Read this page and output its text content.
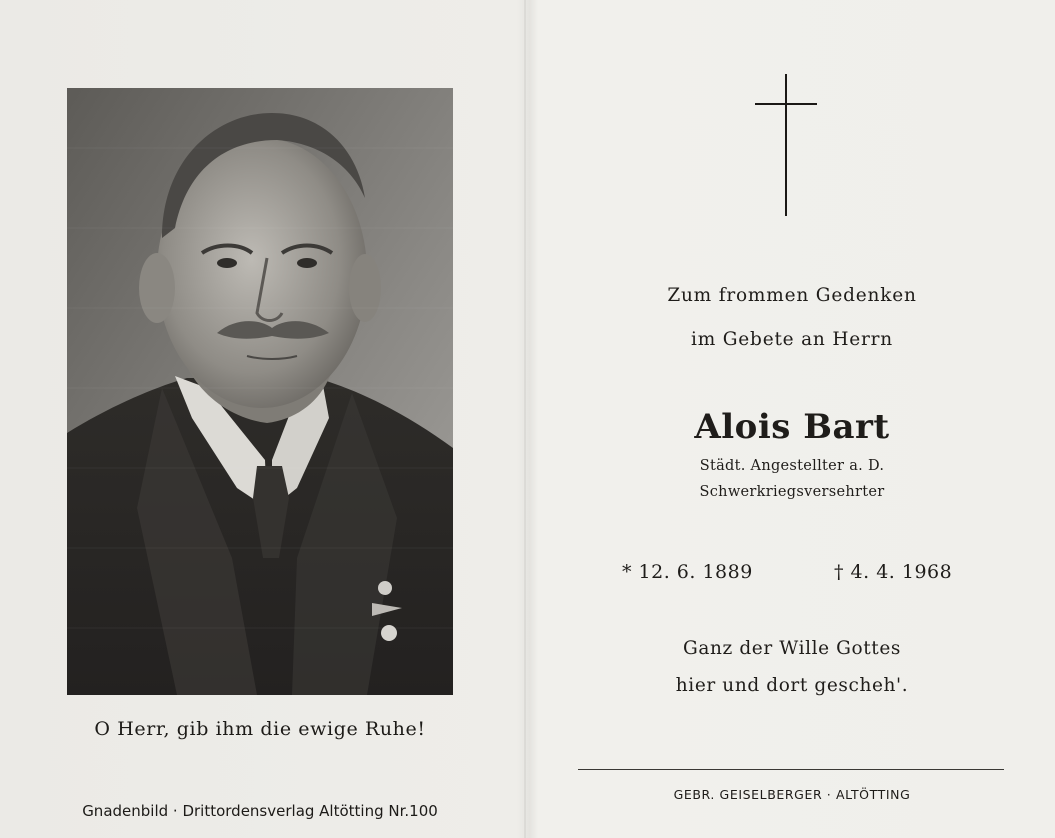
O Herr, gib ihm die ewige Ruhe!
Gnadenbild · Drittordensverlag Altötting Nr.100
Zum frommen Gedenken
im Gebete an Herrn
Alois Bart
Städt. Angestellter a. D.
Schwerkriegsversehrter
* 12. 6. 1889	† 4. 4. 1968
Ganz der Wille Gottes
hier und dort gescheh'.
GEBR. GEISELBERGER · ALTÖTTING
